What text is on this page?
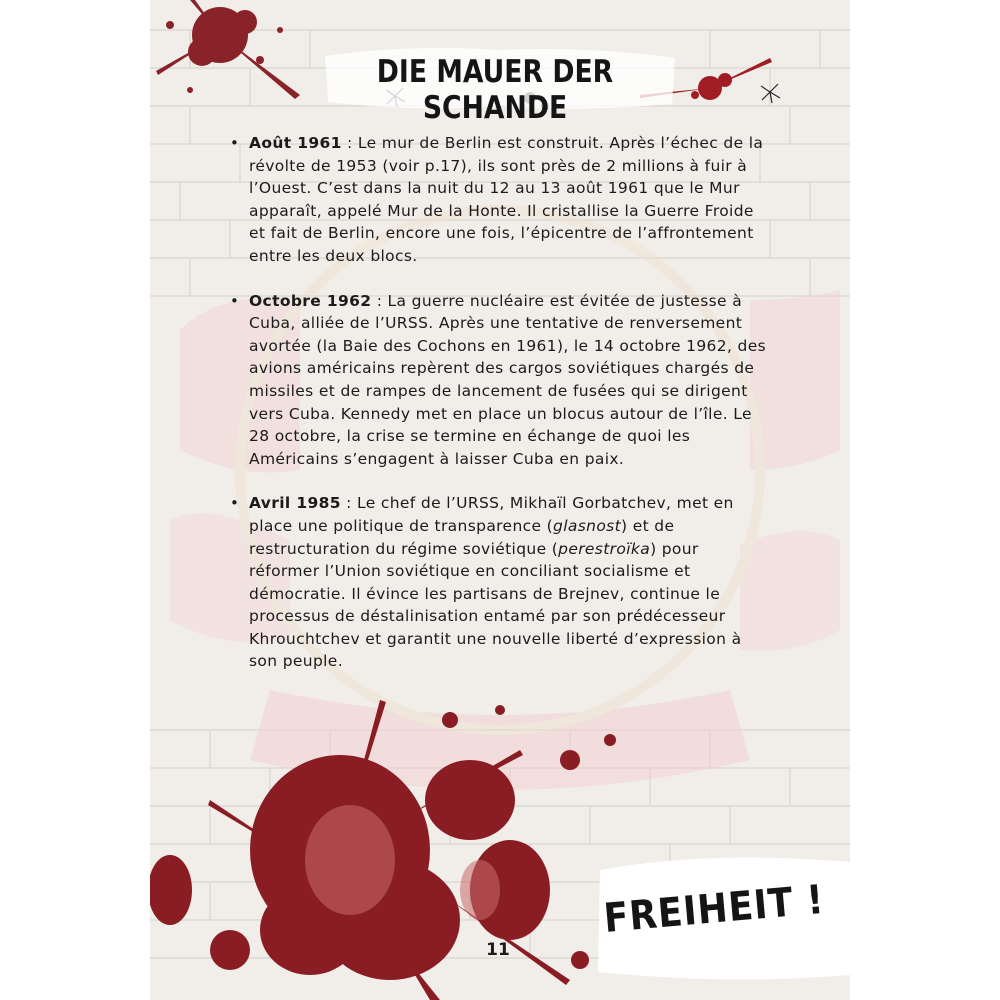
DIE MAUER DER SCHANDE

• Août 1961 : Le mur de Berlin est construit. Après l’échec de la révolte de 1953 (voir p.17), ils sont près de 2 millions à fuir à l’Ouest. C’est dans la nuit du 12 au 13 août 1961 que le Mur apparaît, appelé Mur de la Honte. Il cristallise la Guerre Froide et fait de Berlin, encore une fois, l’épicentre de l’affrontement entre les deux blocs.

• Octobre 1962 : La guerre nucléaire est évitée de justesse à Cuba, alliée de l’URSS. Après une tentative de renversement avortée (la Baie des Cochons en 1961), le 14 octobre 1962, des avions américains repèrent des cargos soviétiques chargés de missiles et de rampes de lancement de fusées qui se dirigent vers Cuba. Kennedy met en place un blocus autour de l’île. Le 28 octobre, la crise se termine en échange de quoi les Américains s’engagent à laisser Cuba en paix.

• Avril 1985 : Le chef de l’URSS, Mikhaïl Gorbatchev, met en place une politique de transparence (glasnost) et de restructuration du régime soviétique (perestroïka) pour réformer l’Union soviétique en conciliant socialisme et démocratie. Il évince les partisans de Brejnev, continue le processus de déstalinisation entamé par son prédécesseur Khrouchtchev et garantit une nouvelle liberté d’expression à son peuple.

FREIHEIT !
11
